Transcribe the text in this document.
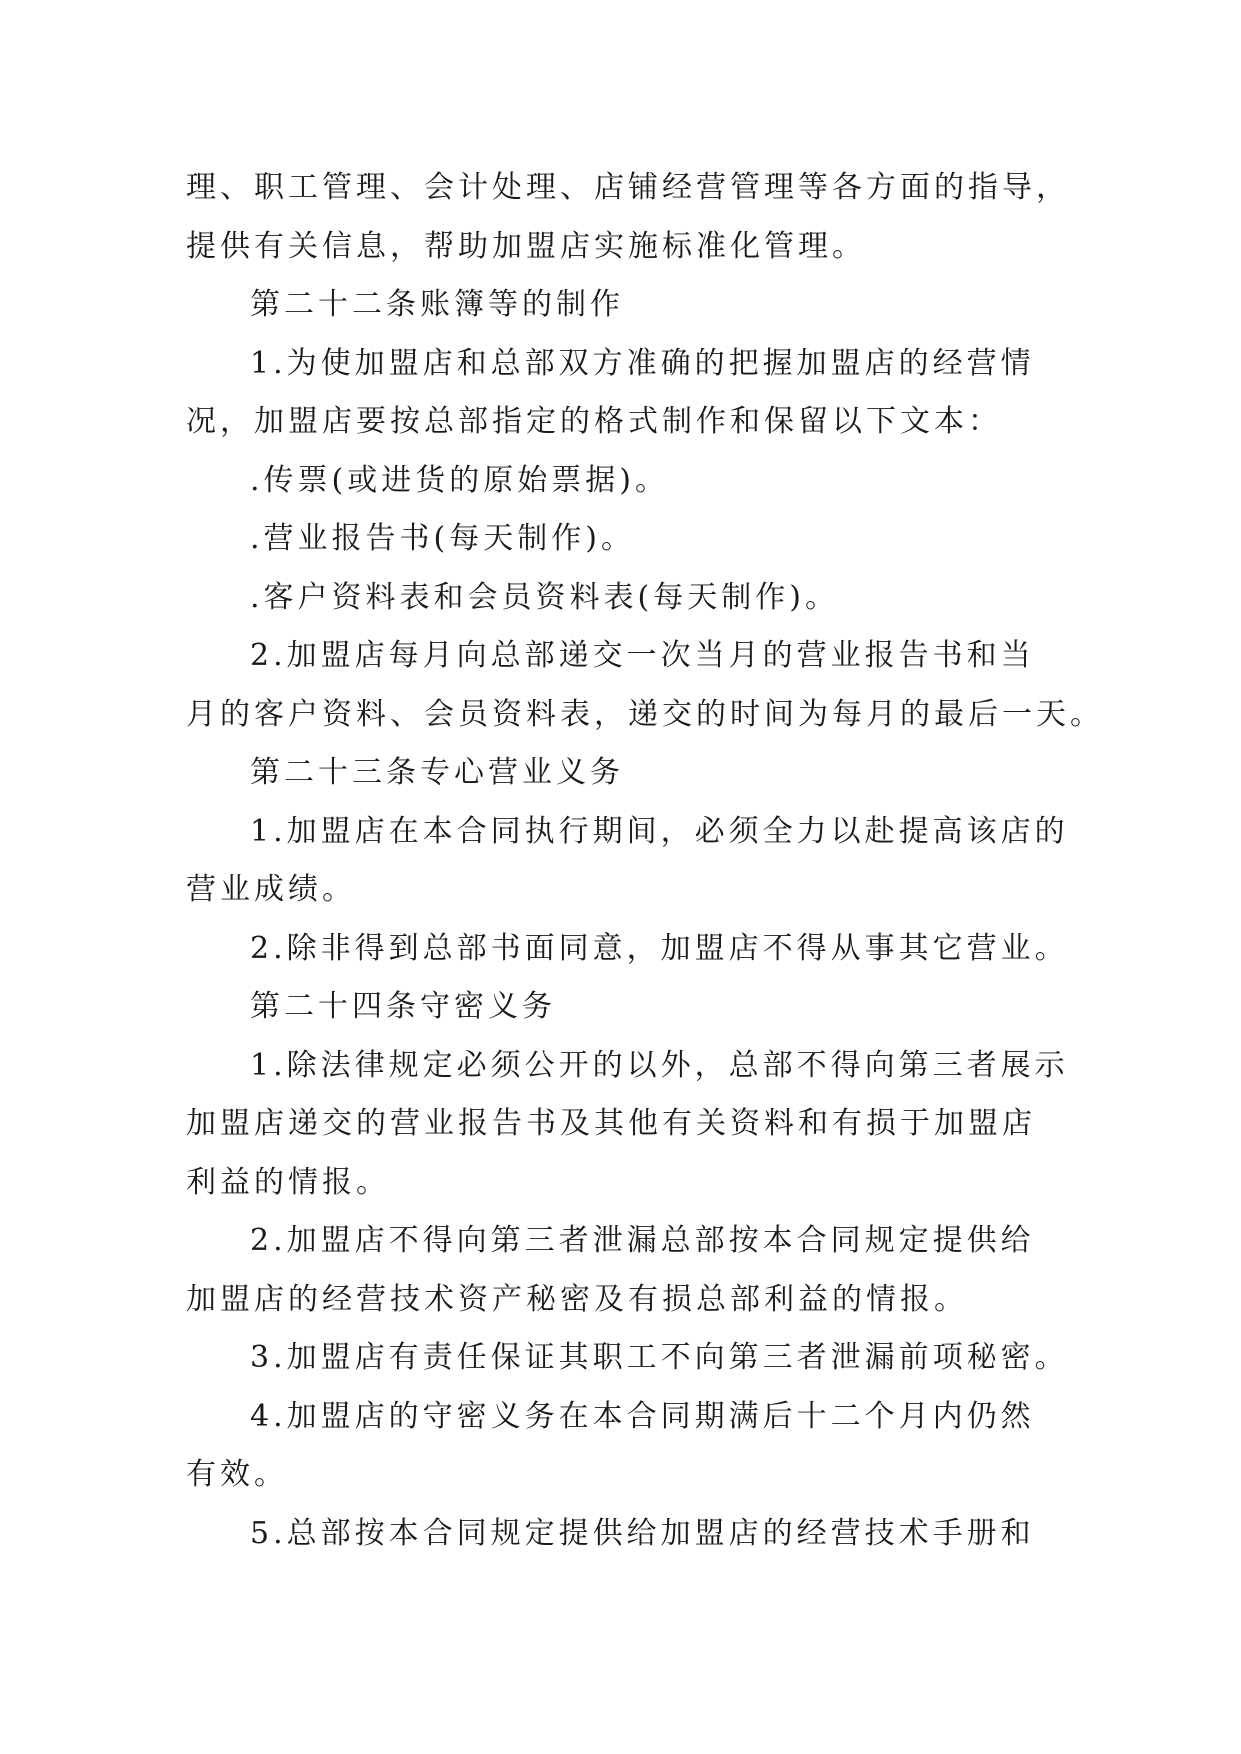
理、职工管理、会计处理、店铺经营管理等各方面的指导，
提供有关信息，帮助加盟店实施标准化管理。
第二十二条账簿等的制作
1.为使加盟店和总部双方准确的把握加盟店的经营情
况，加盟店要按总部指定的格式制作和保留以下文本：
.传票(或进货的原始票据)。
.营业报告书(每天制作)。
.客户资料表和会员资料表(每天制作)。
2.加盟店每月向总部递交一次当月的营业报告书和当
月的客户资料、会员资料表，递交的时间为每月的最后一天。
第二十三条专心营业义务
1.加盟店在本合同执行期间，必须全力以赴提高该店的
营业成绩。
2.除非得到总部书面同意，加盟店不得从事其它营业。
第二十四条守密义务
1.除法律规定必须公开的以外，总部不得向第三者展示
加盟店递交的营业报告书及其他有关资料和有损于加盟店
利益的情报。
2.加盟店不得向第三者泄漏总部按本合同规定提供给
加盟店的经营技术资产秘密及有损总部利益的情报。
3.加盟店有责任保证其职工不向第三者泄漏前项秘密。
4.加盟店的守密义务在本合同期满后十二个月内仍然
有效。
5.总部按本合同规定提供给加盟店的经营技术手册和
